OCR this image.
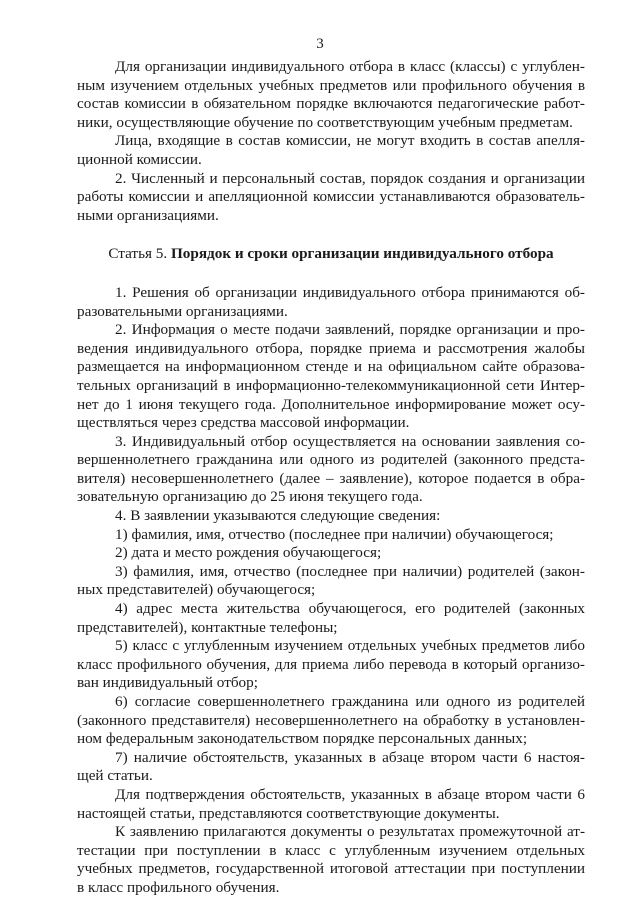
3
Для организации индивидуального отбора в класс (классы) с углублен-
ным изучением отдельных учебных предметов или профильного обучения в
состав комиссии в обязательном порядке включаются педагогические работ-
ники, осуществляющие обучение по соответствующим учебным предметам.
Лица, входящие в состав комиссии, не могут входить в состав апелля-
ционной комиссии.
2. Численный и персональный состав, порядок создания и организации
работы комиссии и апелляционной комиссии устанавливаются образователь-
ными организациями.
Статья 5. Порядок и сроки организации индивидуального отбора
1. Решения об организации индивидуального отбора принимаются об-
разовательными организациями.
2. Информация о месте подачи заявлений, порядке организации и про-
ведения индивидуального отбора, порядке приема и рассмотрения жалобы
размещается на информационном стенде и на официальном сайте образова-
тельных организаций в информационно-телекоммуникационной сети Интер-
нет до 1 июня текущего года. Дополнительное информирование может осу-
ществляться через средства массовой информации.
3. Индивидуальный отбор осуществляется на основании заявления со-
вершеннолетнего гражданина или одного из родителей (законного предста-
вителя) несовершеннолетнего (далее – заявление), которое подается в обра-
зовательную организацию до 25 июня текущего года.
4. В заявлении указываются следующие сведения:
1) фамилия, имя, отчество (последнее при наличии) обучающегося;
2) дата и место рождения обучающегося;
3) фамилия, имя, отчество (последнее при наличии) родителей (закон-
ных представителей) обучающегося;
4) адрес места жительства обучающегося, его родителей (законных
представителей), контактные телефоны;
5) класс с углубленным изучением отдельных учебных предметов либо
класс профильного обучения, для приема либо перевода в который организо-
ван индивидуальный отбор;
6) согласие совершеннолетнего гражданина или одного из родителей
(законного представителя) несовершеннолетнего на обработку в установлен-
ном федеральным законодательством порядке персональных данных;
7) наличие обстоятельств, указанных в абзаце втором части 6 настоя-
щей статьи.
Для подтверждения обстоятельств, указанных в абзаце втором части 6
настоящей статьи, представляются соответствующие документы.
К заявлению прилагаются документы о результатах промежуточной ат-
тестации при поступлении в класс с углубленным изучением отдельных
учебных предметов, государственной итоговой аттестации при поступлении
в класс профильного обучения.
